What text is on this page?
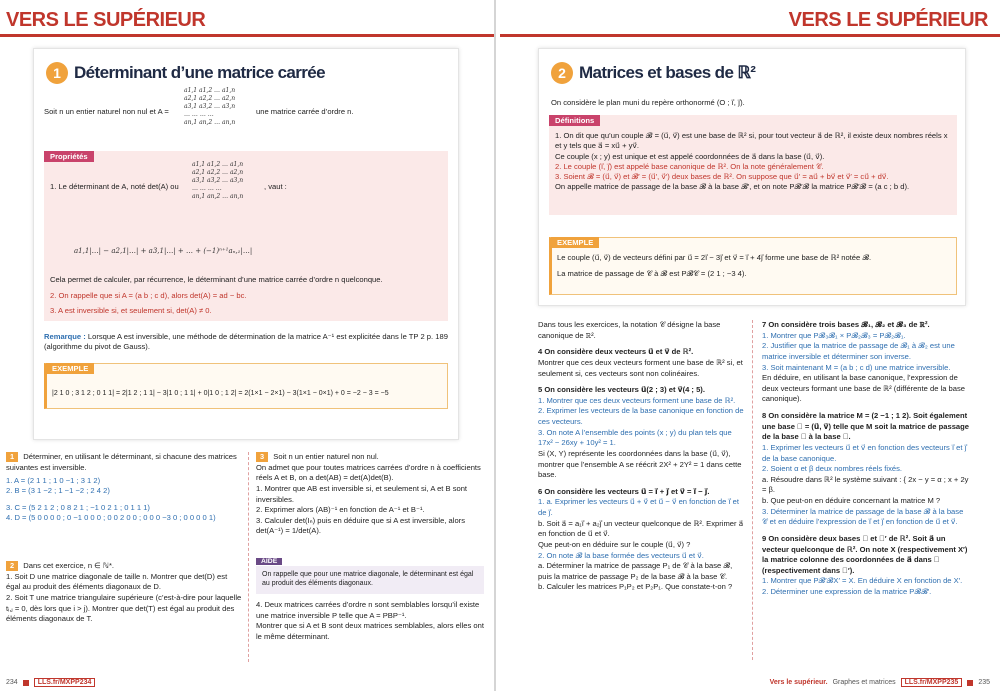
VERS LE SUPÉRIEUR
1 Déterminant d’une matrice carrée
Soit n un entier naturel non nul et A =
a1,1 a1,2 … a1,n
a2,1 a2,2 … a2,n
a3,1 a3,2 … a3,n
… … … …
an,1 an,2 … an,n
une matrice carrée d’ordre n.
Propriétés
1. Le déterminant de A, noté det(A) ou
a1,1 a1,2 … a1,n
a2,1 a2,2 … a2,n
a3,1 a3,2 … a3,n
… … … …
an,1 an,2 … an,n
, vaut :
a1,1|…| − a2,1|…| + a3,1|…| + … + (−1)ⁿ⁺¹aₙ,₁|…|
Cela permet de calculer, par récurrence, le déterminant d’une matrice carrée d’ordre n quelconque.
2. On rappelle que si A = (a b ; c d), alors det(A) = ad − bc.
3. A est inversible si, et seulement si, det(A) ≠ 0.
Remarque : Lorsque A est inversible, une méthode de détermination de la matrice A⁻¹ est explicitée dans le TP 2 p. 189 (algorithme du pivot de Gauss).
EXEMPLE
|2 1 0 ; 3 1 2 ; 0 1 1| = 2|1 2 ; 1 1| − 3|1 0 ; 1 1| + 0|1 0 ; 1 2| = 2(1×1 − 2×1) − 3(1×1 − 0×1) + 0 = −2 − 3 = −5
1 Déterminer, en utilisant le déterminant, si chacune des matrices suivantes est inversible.
1. A = (2 1 1 ; 1 0 −1 ; 3 1 2)
2. B = (3 1 −2 ; 1 −1 −2 ; 2 4 2)
3. C = (5 2 1 2 ; 0 8 2 1 ; −1 0 2 1 ; 0 1 1 1)
4. D = (5 0 0 0 0 ; 0 −1 0 0 0 ; 0 0 2 0 0 ; 0 0 0 −3 0 ; 0 0 0 0 1)
2 Dans cet exercice, n ∈ ℕ*.
1. Soit D une matrice diagonale de taille n. Montrer que det(D) est égal au produit des éléments diagonaux de D.
2. Soit T une matrice triangulaire supérieure (c’est-à-dire pour laquelle tᵢ,ⱼ = 0, dès lors que i > j). Montrer que det(T) est égal au produit des éléments diagonaux de T.
3 Soit n un entier naturel non nul.
On admet que pour toutes matrices carrées d’ordre n à coefficients réels A et B, on a det(AB) = det(A)det(B).
1. Montrer que AB est inversible si, et seulement si, A et B sont inversibles.
2. Exprimer alors (AB)⁻¹ en fonction de A⁻¹ et B⁻¹.
3. Calculer det(Iₙ) puis en déduire que si A est inversible, alors det(A⁻¹) = 1/det(A).
AIDE
On rappelle que pour une matrice diagonale, le déterminant est égal au produit des éléments diagonaux.
4. Deux matrices carrées d’ordre n sont semblables lorsqu’il existe une matrice inversible P telle que A = PBP⁻¹.
Montrer que si A et B sont deux matrices semblables, alors elles ont le même déterminant.
234	LLS.fr/MXPP234
VERS LE SUPÉRIEUR
2 Matrices et bases de ℝ²
On considère le plan muni du repère orthonormé (O ; i⃗, j⃗).
Définitions
1. On dit que qu’un couple 𝓑 = (u⃗, v⃗) est une base de ℝ² si, pour tout vecteur a⃗ de ℝ², il existe deux nombres réels x et y tels que a⃗ = xu⃗ + yv⃗.
Ce couple (x ; y) est unique et est appelé coordonnées de a⃗ dans la base (u⃗, v⃗).
2. Le couple (i⃗, j⃗) est appelé base canonique de ℝ². On la note généralement 𝒞.
3. Soient 𝓑 = (u⃗, v⃗) et 𝓑′ = (u⃗′, v⃗′) deux bases de ℝ². On suppose que u⃗′ = au⃗ + bv⃗ et v⃗′ = cu⃗ + dv⃗.
On appelle matrice de passage de la base 𝓑 à la base 𝓑′, et on note P𝓑′𝓑 la matrice P𝓑′𝓑 = (a c ; b d).
EXEMPLE
Le couple (u⃗, v⃗) de vecteurs défini par u⃗ = 2i⃗ − 3j⃗ et v⃗ = i⃗ + 4j⃗ forme une base de ℝ² notée 𝓑.
La matrice de passage de 𝒞 à 𝓑 est P𝓑𝒞 = (2 1 ; −3 4).
Dans tous les exercices, la notation 𝒞 désigne la base canonique de ℝ².
4 On considère deux vecteurs u⃗ et v⃗ de ℝ².
Montrer que ces deux vecteurs forment une base de ℝ² si, et seulement si, ces vecteurs sont non colinéaires.
5 On considère les vecteurs u⃗(2 ; 3) et v⃗(4 ; 5).
1. Montrer que ces deux vecteurs forment une base de ℝ².
2. Exprimer les vecteurs de la base canonique en fonction de ces vecteurs.
3. On note A l’ensemble des points (x ; y) du plan tels que 17x² − 26xy + 10y² = 1.
Si (X, Y) représente les coordonnées dans la base (u⃗, v⃗), montrer que l’ensemble A se réécrit 2X² + 2Y² = 1 dans cette base.
6 On considère les vecteurs u⃗ = i⃗ + j⃗ et v⃗ = i⃗ − j⃗.
1. a. Exprimer les vecteurs u⃗ + v⃗ et u⃗ − v⃗ en fonction de i⃗ et de j⃗.
b. Soit a⃗ = a₁i⃗ + a₂j⃗ un vecteur quelconque de ℝ². Exprimer a⃗ en fonction de u⃗ et v⃗.
Que peut-on en déduire sur le couple (u⃗, v⃗) ?
2. On note 𝓑 la base formée des vecteurs u⃗ et v⃗.
a. Déterminer la matrice de passage P₁ de 𝒞 à la base 𝓑, puis la matrice de passage P₂ de la base 𝓑 à la base 𝒞.
b. Calculer les matrices P₁P₂ et P₂P₁. Que constate-t-on ?
7 On considère trois bases 𝓑₁, 𝓑₂ et 𝓑₃ de ℝ².
1. Montrer que P𝓑₃𝓑₁ × P𝓑₂𝓑₃ = P𝓑₂𝓑₁.
2. Justifier que la matrice de passage de 𝓑₁ à 𝓑₂ est une matrice inversible et déterminer son inverse.
3. Soit maintenant M = (a b ; c d) une matrice inversible.
En déduire, en utilisant la base canonique, l’expression de deux vecteurs formant une base de ℝ² (différente de la base canonique).
8 On considère la matrice M = (2 −1 ; 1 2). Soit également une base 𝓑 = (u⃗, v⃗) telle que M soit la matrice de passage de la base 𝒞 à la base 𝓑.
1. Exprimer les vecteurs u⃗ et v⃗ en fonction des vecteurs i⃗ et j⃗ de la base canonique.
2. Soient α et β deux nombres réels fixés.
a. Résoudre dans ℝ² le système suivant : { 2x − y = α ; x + 2y = β.
b. Que peut-on en déduire concernant la matrice M ?
3. Déterminer la matrice de passage de la base 𝓑 à la base 𝒞 et en déduire l’expression de i⃗ et j⃗ en fonction de u⃗ et v⃗.
9 On considère deux bases 𝓑 et 𝓑′ de ℝ². Soit a⃗ un vecteur quelconque de ℝ². On note X (respectivement X′) la matrice colonne des coordonnées de a⃗ dans 𝓑 (respectivement dans 𝓑′).
1. Montrer que P𝓑′𝓑X′ = X. En déduire X en fonction de X′.
2. Déterminer une expression de la matrice P𝓑𝓑′.
Vers le supérieur. Graphes et matrices	LLS.fr/MXPP235	235
